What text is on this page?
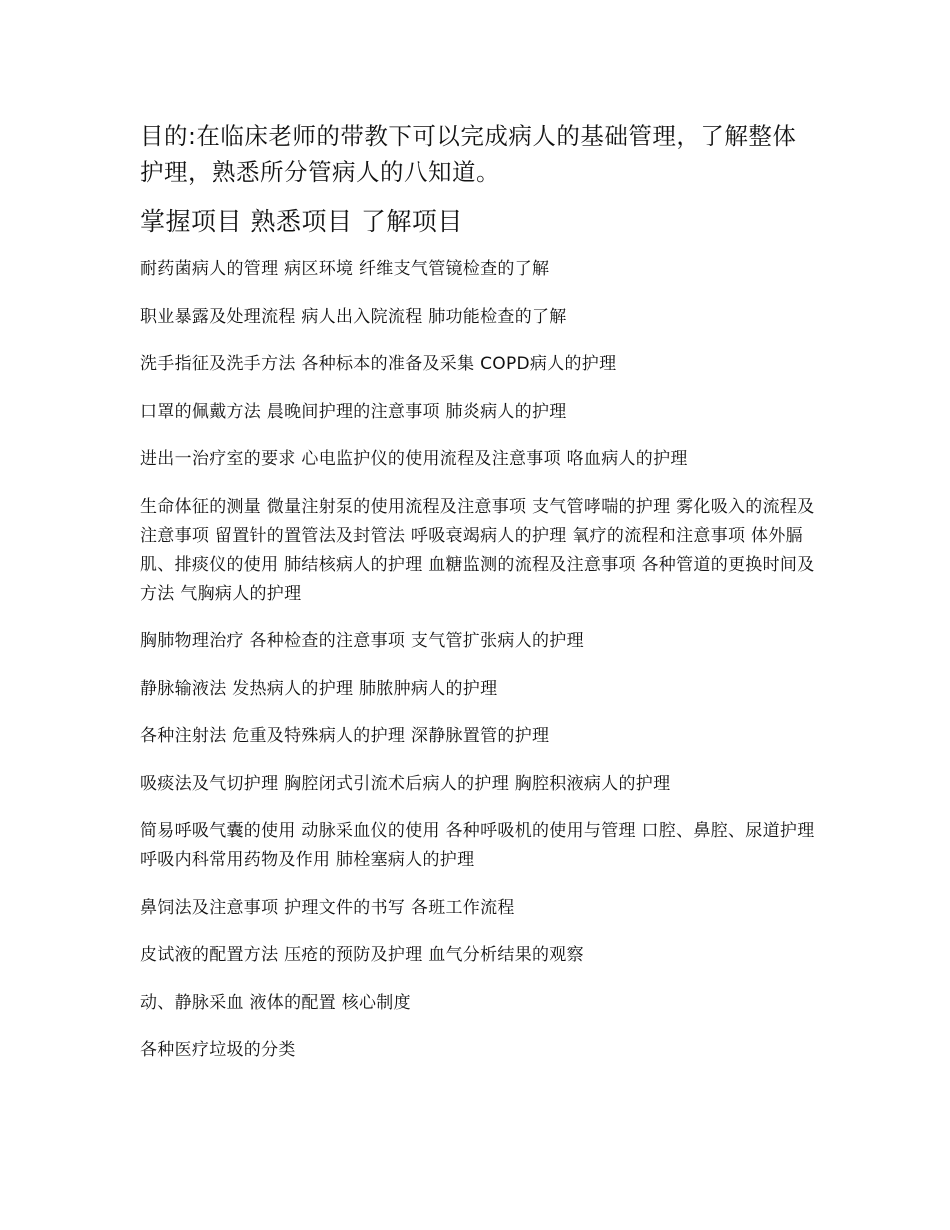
目的:在临床老师的带教下可以完成病人的基础管理，了解整体护理，熟悉所分管病人的八知道。

掌握项目 熟悉项目 了解项目

耐药菌病人的管理 病区环境 纤维支气管镜检查的了解

职业暴露及处理流程 病人出入院流程 肺功能检查的了解

洗手指征及洗手方法 各种标本的准备及采集 COPD病人的护理

口罩的佩戴方法 晨晚间护理的注意事项 肺炎病人的护理

进出一治疗室的要求 心电监护仪的使用流程及注意事项 咯血病人的护理

生命体征的测量 微量注射泵的使用流程及注意事项 支气管哮喘的护理 雾化吸入的流程及注意事项 留置针的置管法及封管法 呼吸衰竭病人的护理 氧疗的流程和注意事项 体外膈肌、排痰仪的使用 肺结核病人的护理 血糖监测的流程及注意事项 各种管道的更换时间及方法 气胸病人的护理

胸肺物理治疗 各种检查的注意事项 支气管扩张病人的护理

静脉输液法 发热病人的护理 肺脓肿病人的护理

各种注射法 危重及特殊病人的护理 深静脉置管的护理

吸痰法及气切护理 胸腔闭式引流术后病人的护理 胸腔积液病人的护理

简易呼吸气囊的使用 动脉采血仪的使用 各种呼吸机的使用与管理 口腔、鼻腔、尿道护理 呼吸内科常用药物及作用 肺栓塞病人的护理

鼻饲法及注意事项 护理文件的书写 各班工作流程

皮试液的配置方法 压疮的预防及护理 血气分析结果的观察

动、静脉采血 液体的配置 核心制度

各种医疗垃圾的分类
